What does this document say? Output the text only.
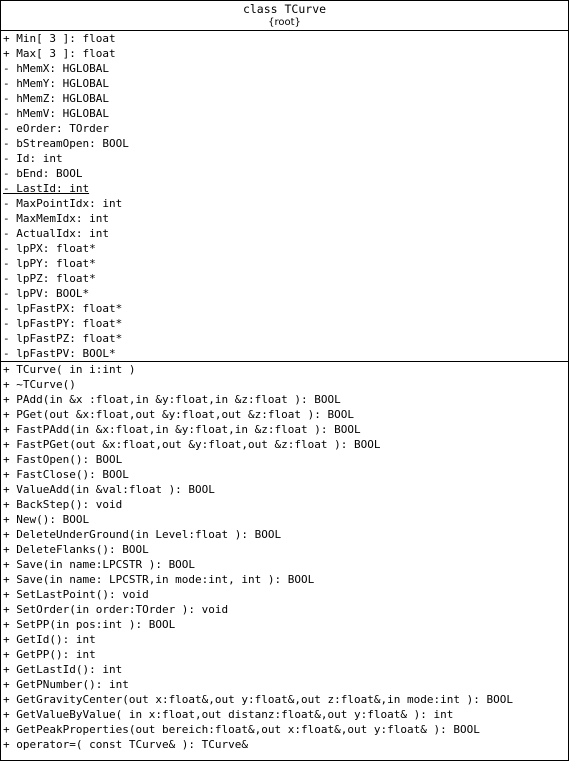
class TCurve
{root}
+ Min[ 3 ]: float
+ Max[ 3 ]: float
- hMemX: HGLOBAL
- hMemY: HGLOBAL
- hMemZ: HGLOBAL
- hMemV: HGLOBAL
- eOrder: TOrder
- bStreamOpen: BOOL
- Id: int
- bEnd: BOOL
- LastId: int
- MaxPointIdx: int
- MaxMemIdx: int
- ActualIdx: int
- lpPX: float*
- lpPY: float*
- lpPZ: float*
- lpPV: BOOL*
- lpFastPX: float*
- lpFastPY: float*
- lpFastPZ: float*
- lpFastPV: BOOL*
+ TCurve( in i:int )
+ ~TCurve()
+ PAdd(in &x :float,in &y:float,in &z:float ): BOOL
+ PGet(out &x:float,out &y:float,out &z:float ): BOOL
+ FastPAdd(in &x:float,in &y:float,in &z:float ): BOOL
+ FastPGet(out &x:float,out &y:float,out &z:float ): BOOL
+ FastOpen(): BOOL
+ FastClose(): BOOL
+ ValueAdd(in &val:float ): BOOL
+ BackStep(): void
+ New(): BOOL
+ DeleteUnderGround(in Level:float ): BOOL
+ DeleteFlanks(): BOOL
+ Save(in name:LPCSTR ): BOOL
+ Save(in name: LPCSTR,in mode:int, int ): BOOL
+ SetLastPoint(): void
+ SetOrder(in order:TOrder ): void
+ SetPP(in pos:int ): BOOL
+ GetId(): int
+ GetPP(): int
+ GetLastId(): int
+ GetPNumber(): int
+ GetGravityCenter(out x:float&,out y:float&,out z:float&,in mode:int ): BOOL
+ GetValueByValue( in x:float,out distanz:float&,out y:float& ): int
+ GetPeakProperties(out bereich:float&,out x:float&,out y:float& ): BOOL
+ operator=( const TCurve& ): TCurve&
